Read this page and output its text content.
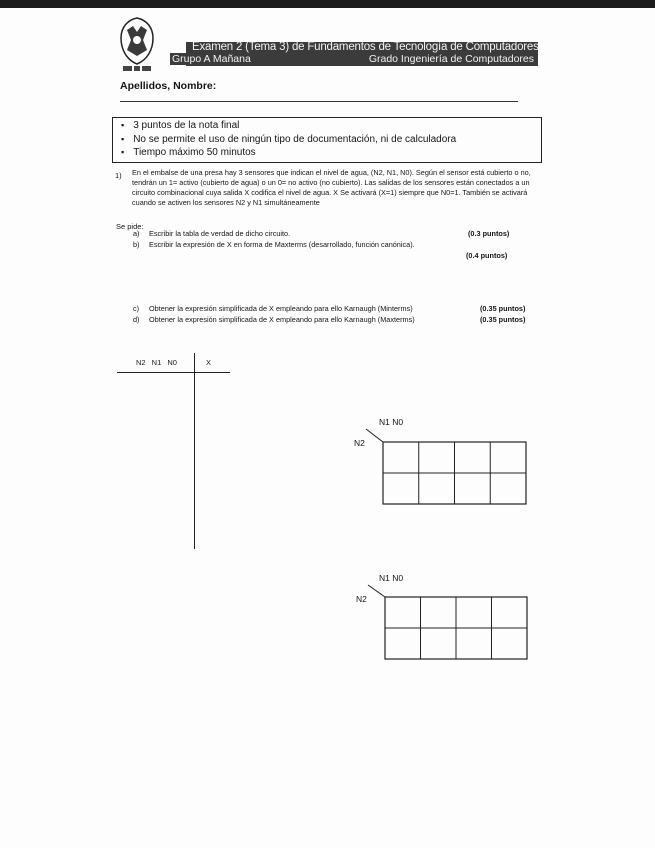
Examen 2 (Tema 3) de Fundamentos de Tecnología de Computadores.
Grupo A Mañana	Grado Ingeniería de Computadores
Apellidos, Nombre:
▪ 3 puntos de la nota final
▪ No se permite el uso de ningún tipo de documentación, ni de calculadora
▪ Tiempo máximo 50 minutos
1) En el embalse de una presa hay 3 sensores que indican el nivel de agua, (N2, N1, N0). Según el sensor está cubierto o no, tendrán un 1= activo (cubierto de agua) o un 0= no activo (no cubierto). Las salidas de los sensores están conectados a un circuito combinacional cuya salida X codifica el nivel de agua. X Se activará (X=1) siempre que N0=1. También se activará cuando se activen los sensores N2 y N1 simultáneamente
Se pide:
a) Escribir la tabla de verdad de dicho circuito.	(0.3 puntos)
b) Escribir la expresión de X en forma de Maxterms (desarrollado, función canónica).
(0.4 puntos)
c) Obtener la expresión simplificada de X empleando para ello Karnaugh (Minterms)	(0.35 puntos)
d) Obtener la expresión simplificada de X empleando para ello Karnaugh (Maxterms)	(0.35 puntos)
N2 N1 N0	X
N1 N0
N2
N1 N0
N2
